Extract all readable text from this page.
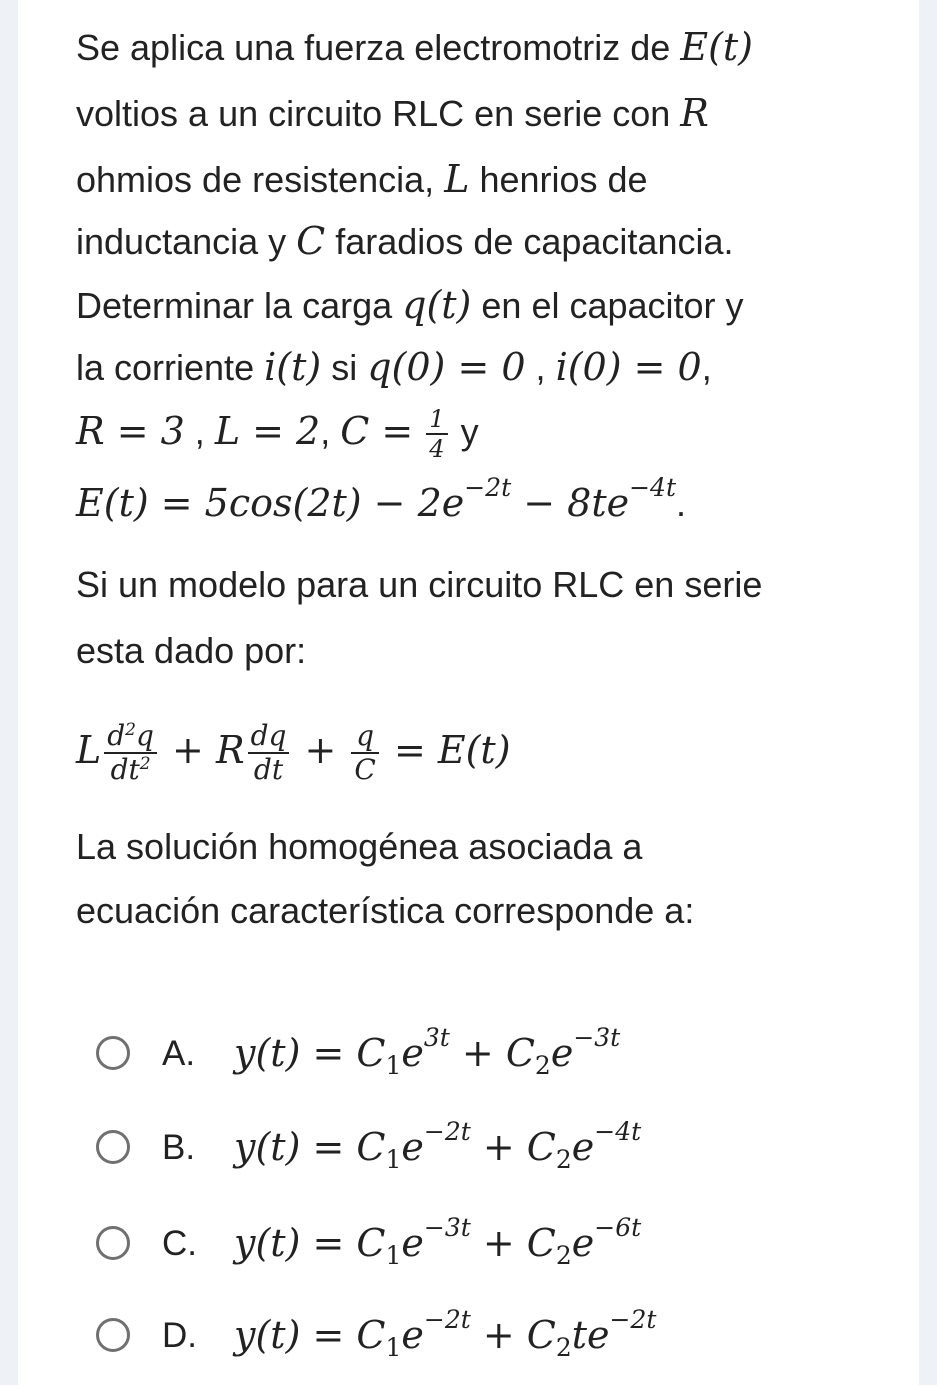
Se aplica una fuerza electromotriz de E(t)
voltios a un circuito RLC en serie con R
ohmios de resistencia, L henrios de
inductancia y C faradios de capacitancia.
Determinar la carga q(t) en el capacitor y
la corriente i(t) si q(0) = 0 , i(0) = 0,
R = 3 , L = 2, $C = \frac{1}{4}$ y
$E(t) = 5\cos(2t) - 2e^{-2t} - 8te^{-4t}$.
Si un modelo para un circuito RLC en serie
esta dado por:
L $\frac{d^2q}{dt^2} + R \frac{dq}{dt} + \frac{q}{C} = E(t)$
La solución homogénea asociada a
ecuación característica corresponde a:
A. $y(t) = C_1e^{3t} + C_2e^{-3t}$
B. $y(t) = C_1e^{-2t} + C_2e^{-4t}$
C. $y(t) = C_1e^{-3t} + C_2e^{-6t}$
D. $y(t) = C_1e^{-2t} + C_2te^{-2t}$
